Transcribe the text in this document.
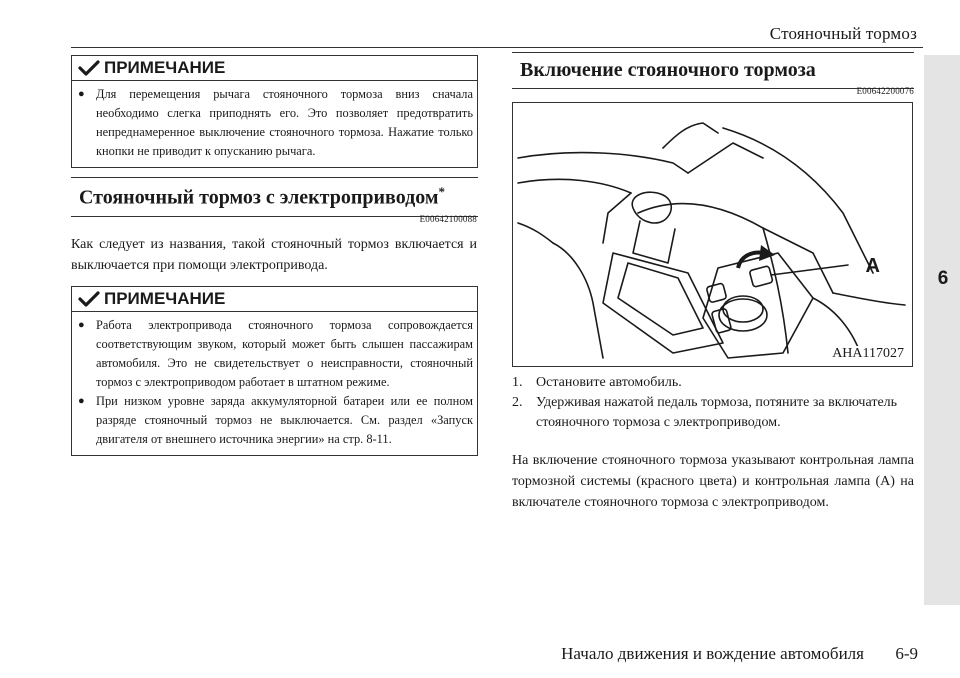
Стояночный тормоз
6
ПРИМЕЧАНИЕ
● Для перемещения рычага стояночного тормоза вниз сначала необходимо слегка приподнять его. Это позволяет предотвратить непреднамеренное выключение стояночного тормоза. Нажатие только кнопки не приводит к опусканию рычага.
Стояночный тормоз с электроприводом*
E00642100088
Как следует из названия, такой стояночный тормоз включается и выключается при помощи электропривода.
ПРИМЕЧАНИЕ
● Работа электропривода стояночного тормоза сопровождается соответствующим звуком, который может быть слышен пассажирам автомобиля. Это не свидетельствует о неисправности, стояночный тормоз с электроприводом работает в штатном режиме.
● При низком уровне заряда аккумуляторной батареи или ее полном разряде стояночный тормоз не выключается. См. раздел «Запуск двигателя от внешнего источника энергии» на стр. 8-11.
Включение стояночного тормоза
E00642200076
A
AHA117027
1. Остановите автомобиль.
2. Удерживая нажатой педаль тормоза, потяните за включатель стояночного тормоза с электроприводом.
На включение стояночного тормоза указывают контрольная лампа тормозной системы (красного цвета) и контрольная лампа (A) на включателе стояночного тормоза с электроприводом.
Начало движения и вождение автомобиля 6-9
